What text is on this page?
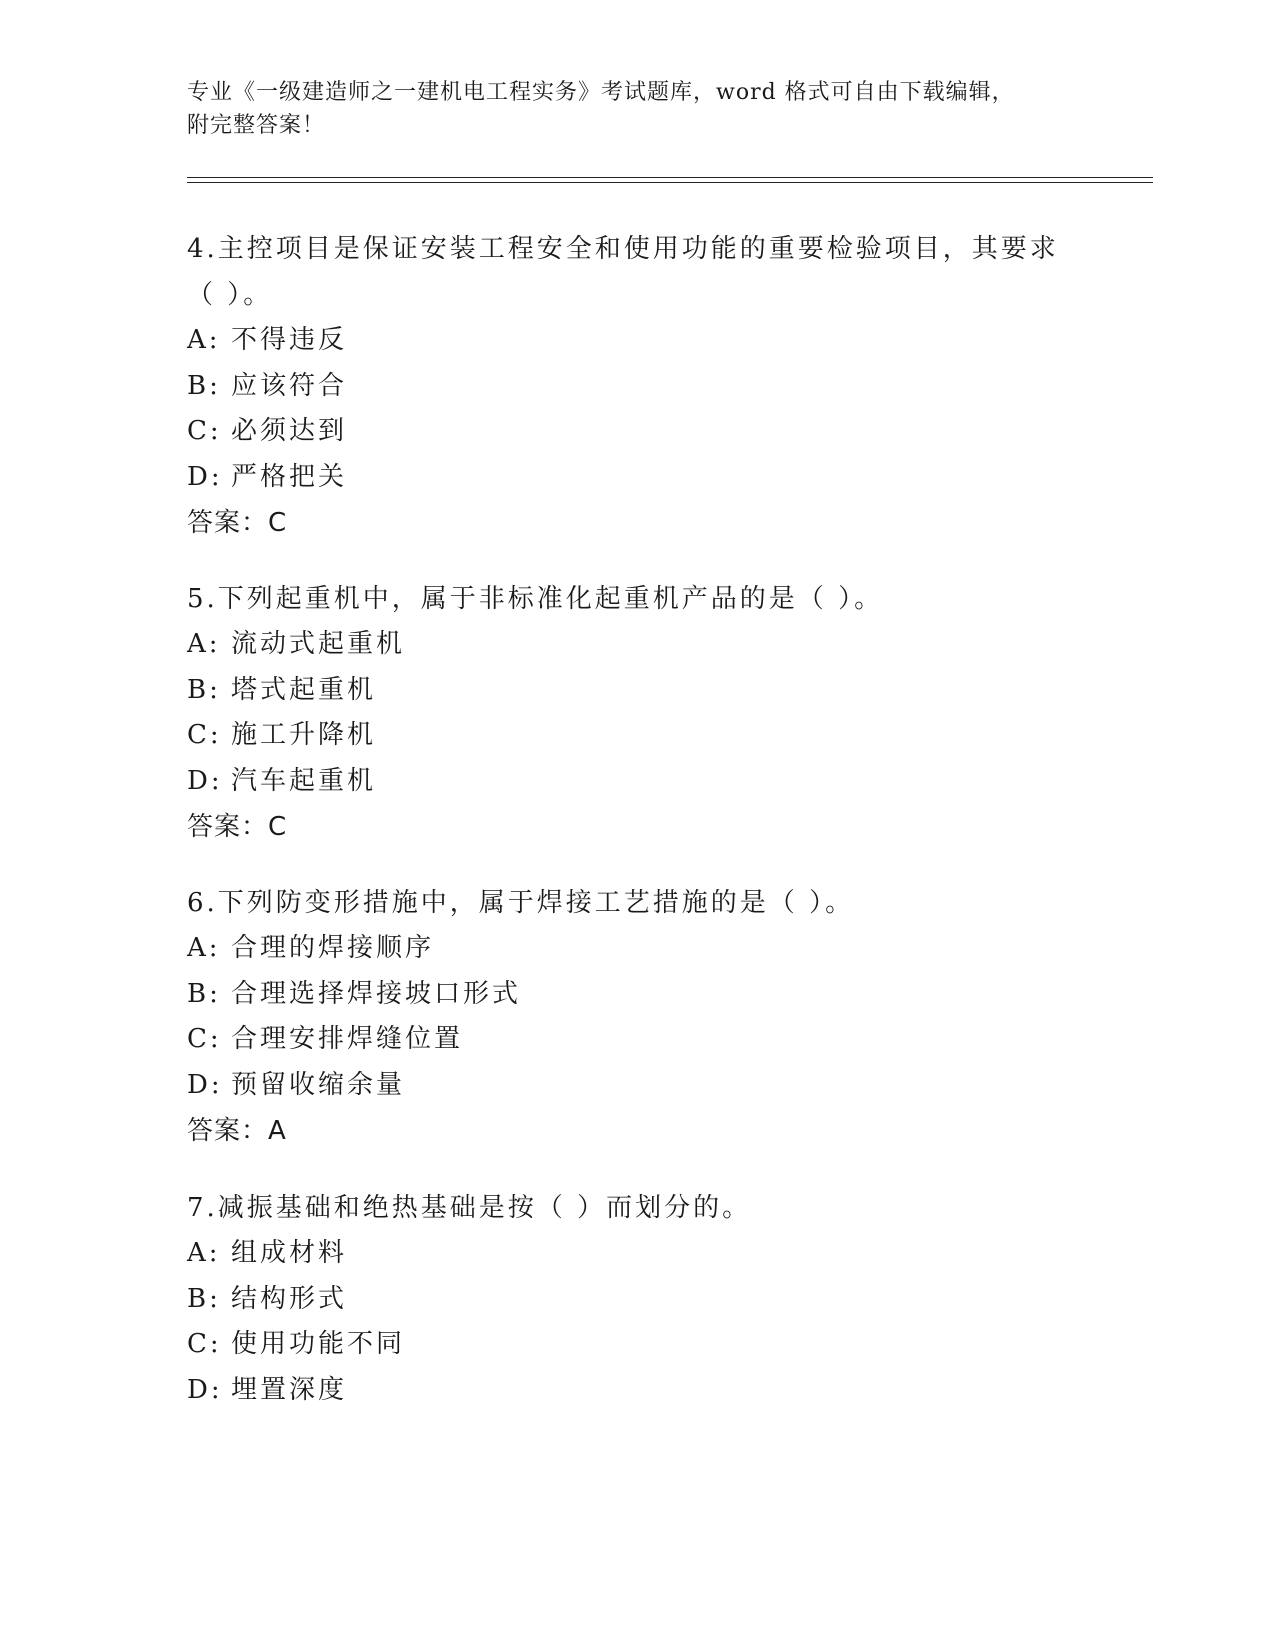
专业《一级建造师之一建机电工程实务》考试题库，word 格式可自由下载编辑，
附完整答案！

4.主控项目是保证安装工程安全和使用功能的重要检验项目，其要求

（ ）。

A: 不得违反

B: 应该符合

C: 必须达到

D: 严格把关

答案：C

5.下列起重机中，属于非标准化起重机产品的是（ ）。

A: 流动式起重机

B: 塔式起重机

C: 施工升降机

D: 汽车起重机

答案：C

6.下列防变形措施中，属于焊接工艺措施的是（ ）。

A: 合理的焊接顺序

B: 合理选择焊接坡口形式

C: 合理安排焊缝位置

D: 预留收缩余量

答案：A

7.减振基础和绝热基础是按（ ）而划分的。

A: 组成材料

B: 结构形式

C: 使用功能不同

D: 埋置深度
